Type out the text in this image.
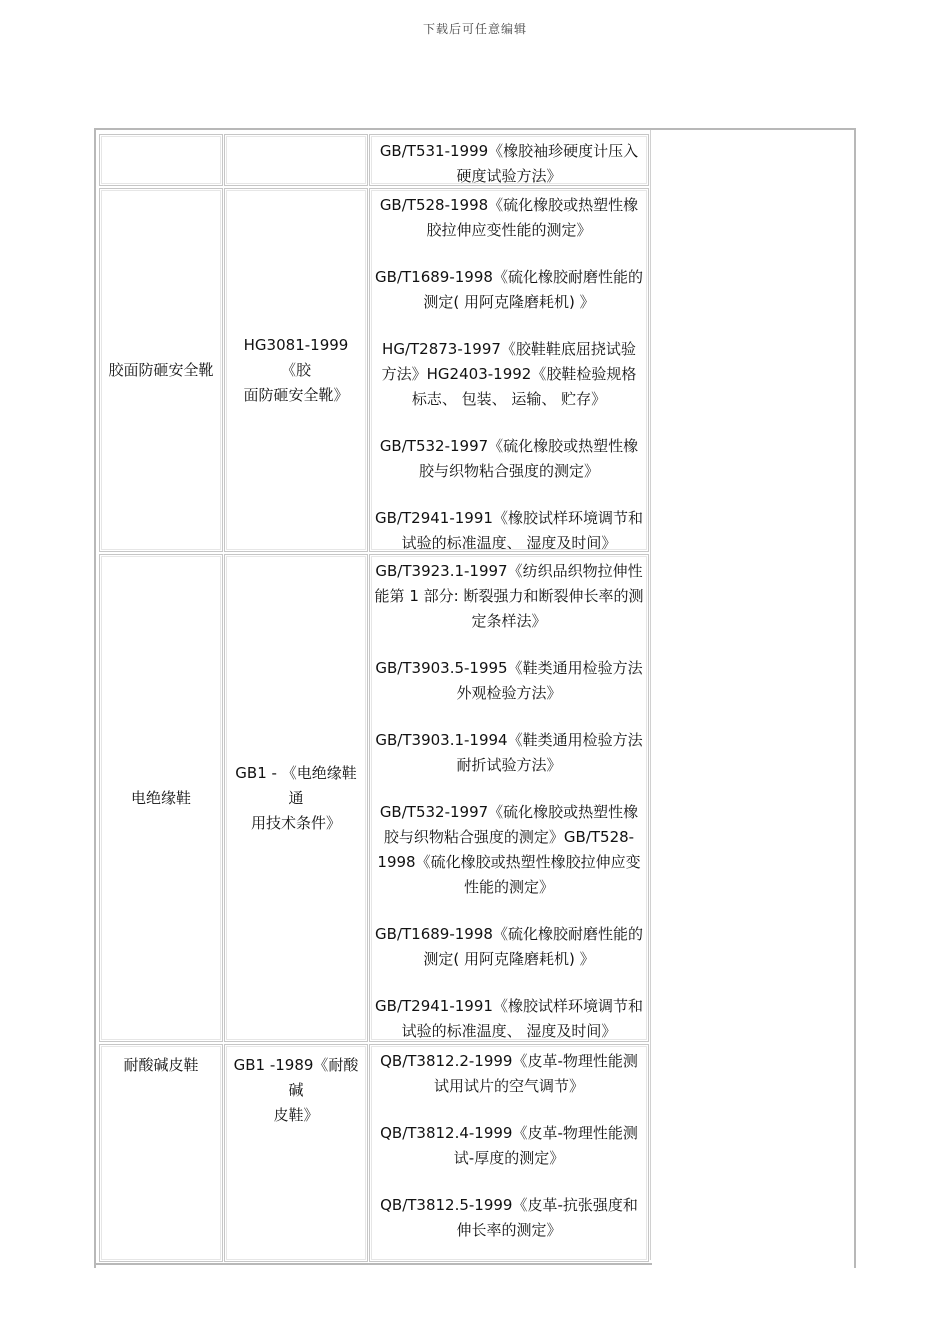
下载后可任意编辑
GB/T531-1999《橡胶袖珍硬度计压入
硬度试验方法》
胶面防砸安全靴
HG3081-1999《胶
面防砸安全靴》
GB/T528-1998《硫化橡胶或热塑性橡
胶拉伸应变性能的测定》
GB/T1689-1998《硫化橡胶耐磨性能的
测定( 用阿克隆磨耗机) 》
HG/T2873-1997《胶鞋鞋底屈挠试验
方法》HG2403-1992《胶鞋检验规格
标志、 包装、 运输、 贮存》
GB/T532-1997《硫化橡胶或热塑性橡
胶与织物粘合强度的测定》
GB/T2941-1991《橡胶试样环境调节和
试验的标准温度、 湿度及时间》
电绝缘鞋
GB1 - 《电绝缘鞋通
用技术条件》
GB/T3923.1-1997《纺织品织物拉伸性
能第 1 部分: 断裂强力和断裂伸长率的测
定条样法》
GB/T3903.5-1995《鞋类通用检验方法
外观检验方法》
GB/T3903.1-1994《鞋类通用检验方法
耐折试验方法》
GB/T532-1997《硫化橡胶或热塑性橡
胶与织物粘合强度的测定》GB/T528-
1998《硫化橡胶或热塑性橡胶拉伸应变
性能的测定》
GB/T1689-1998《硫化橡胶耐磨性能的
测定( 用阿克隆磨耗机) 》
GB/T2941-1991《橡胶试样环境调节和
试验的标准温度、 湿度及时间》
耐酸碱皮鞋	GB1 -1989《耐酸碱
皮鞋》
QB/T3812.2-1999《皮革-物理性能测
试用试片的空气调节》
QB/T3812.4-1999《皮革-物理性能测
试-厚度的测定》
QB/T3812.5-1999《皮革-抗张强度和
伸长率的测定》
